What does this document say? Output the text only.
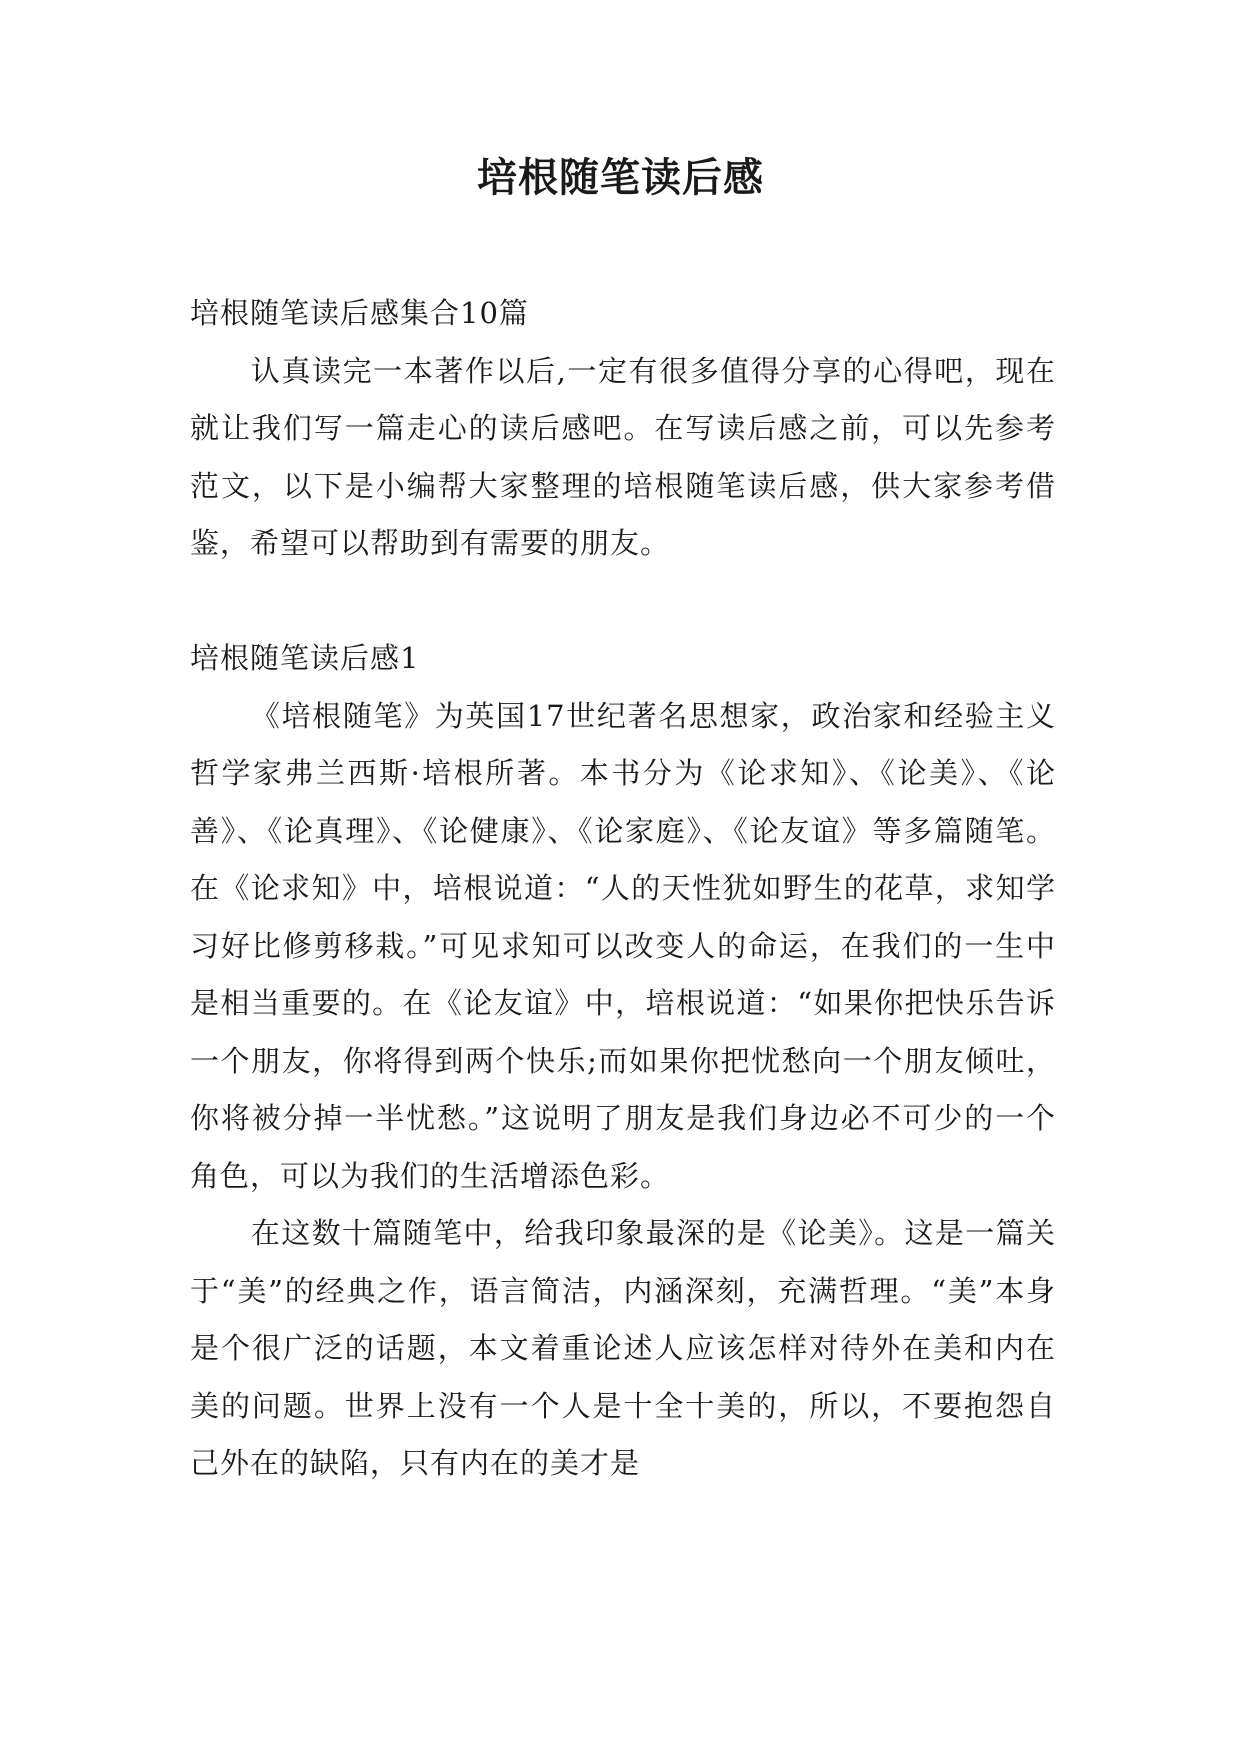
培根随笔读后感

培根随笔读后感集合10篇

认真读完一本著作以后,一定有很多值得分享的心得吧，现在就让我们写一篇走心的读后感吧。在写读后感之前，可以先参考范文，以下是小编帮大家整理的培根随笔读后感，供大家参考借鉴，希望可以帮助到有需要的朋友。

培根随笔读后感1

《培根随笔》为英国17世纪著名思想家，政治家和经验主义哲学家弗兰西斯·培根所著。本书分为《论求知》、《论美》、《论善》、《论真理》、《论健康》、《论家庭》、《论友谊》等多篇随笔。在《论求知》中，培根说道：“人的天性犹如野生的花草，求知学习好比修剪移栽。”可见求知可以改变人的命运，在我们的一生中是相当重要的。在《论友谊》中，培根说道：“如果你把快乐告诉一个朋友，你将得到两个快乐;而如果你把忧愁向一个朋友倾吐，你将被分掉一半忧愁。”这说明了朋友是我们身边必不可少的一个角色，可以为我们的生活增添色彩。

在这数十篇随笔中，给我印象最深的是《论美》。这是一篇关于“美”的经典之作，语言简洁，内涵深刻，充满哲理。“美”本身是个很广泛的话题，本文着重论述人应该怎样对待外在美和内在美的问题。世界上没有一个人是十全十美的，所以，不要抱怨自己外在的缺陷，只有内在的美才是
